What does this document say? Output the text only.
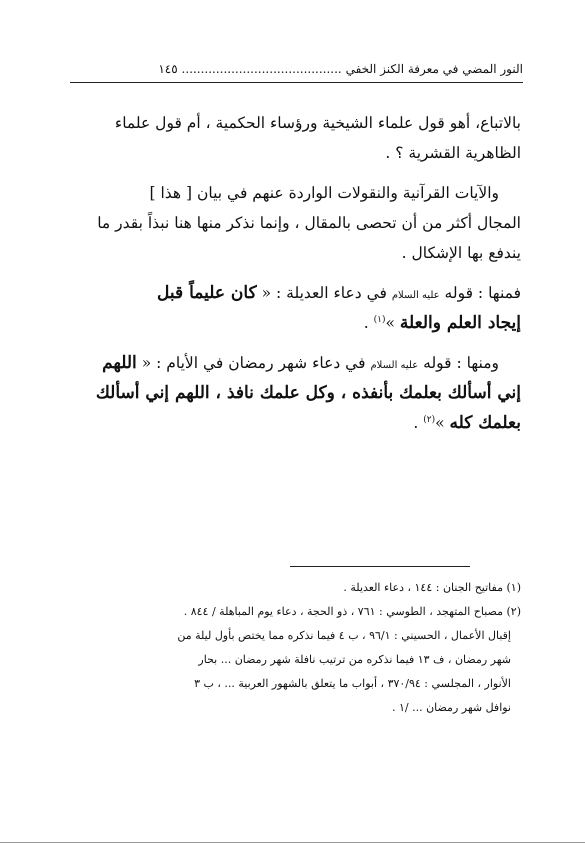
النور المضي في معرفة الكنز الخفي .......................................... ١٤٥
بالاتباع، أهو قول علماء الشيخية ورؤساء الحكمية ، أم قول علماء
الظاهرية القشرية ؟ .
والآيات القرآنية والنقولات الواردة عنهم في بيان [ هذا ]
المجال أكثر من أن تحصى بالمقال ، وإنما نذكر منها هنا نبذاً بقدر ما
يندفع بها الإشكال .
فمنها : قوله عليه السلام في دعاء العديلة : « كان عليماً قبل
إيجاد العلم والعلة »$^{(١)}$ .
ومنها : قوله عليه السلام في دعاء شهر رمضان في الأيام : « اللهم
إني أسألك بعلمك بأنفذه ، وكل علمك نافذ ، اللهم إني أسألك
بعلمك كله »$^{(٢)}$ .
(١) مفاتيح الجنان : ١٤٤ ، دعاء العديلة .
(٢) مصباح المتهجد ، الطوسي : ٧٦١ ، ذو الحجة ، دعاء يوم المباهلة / ٨٤٤ .
إقبال الأعمال ، الحسيني : ٩٦/١ ، ب ٤ فيما نذكره مما يختص بأول ليلة من
شهر رمضان ، ف ١٣ فيما نذكره من ترتيب نافلة شهر رمضان ... بحار
الأنوار ، المجلسي : ٣٧٠/٩٤ ، أبواب ما يتعلق بالشهور العربية ... ، ب ٣
نوافل شهر رمضان ... /١ .
